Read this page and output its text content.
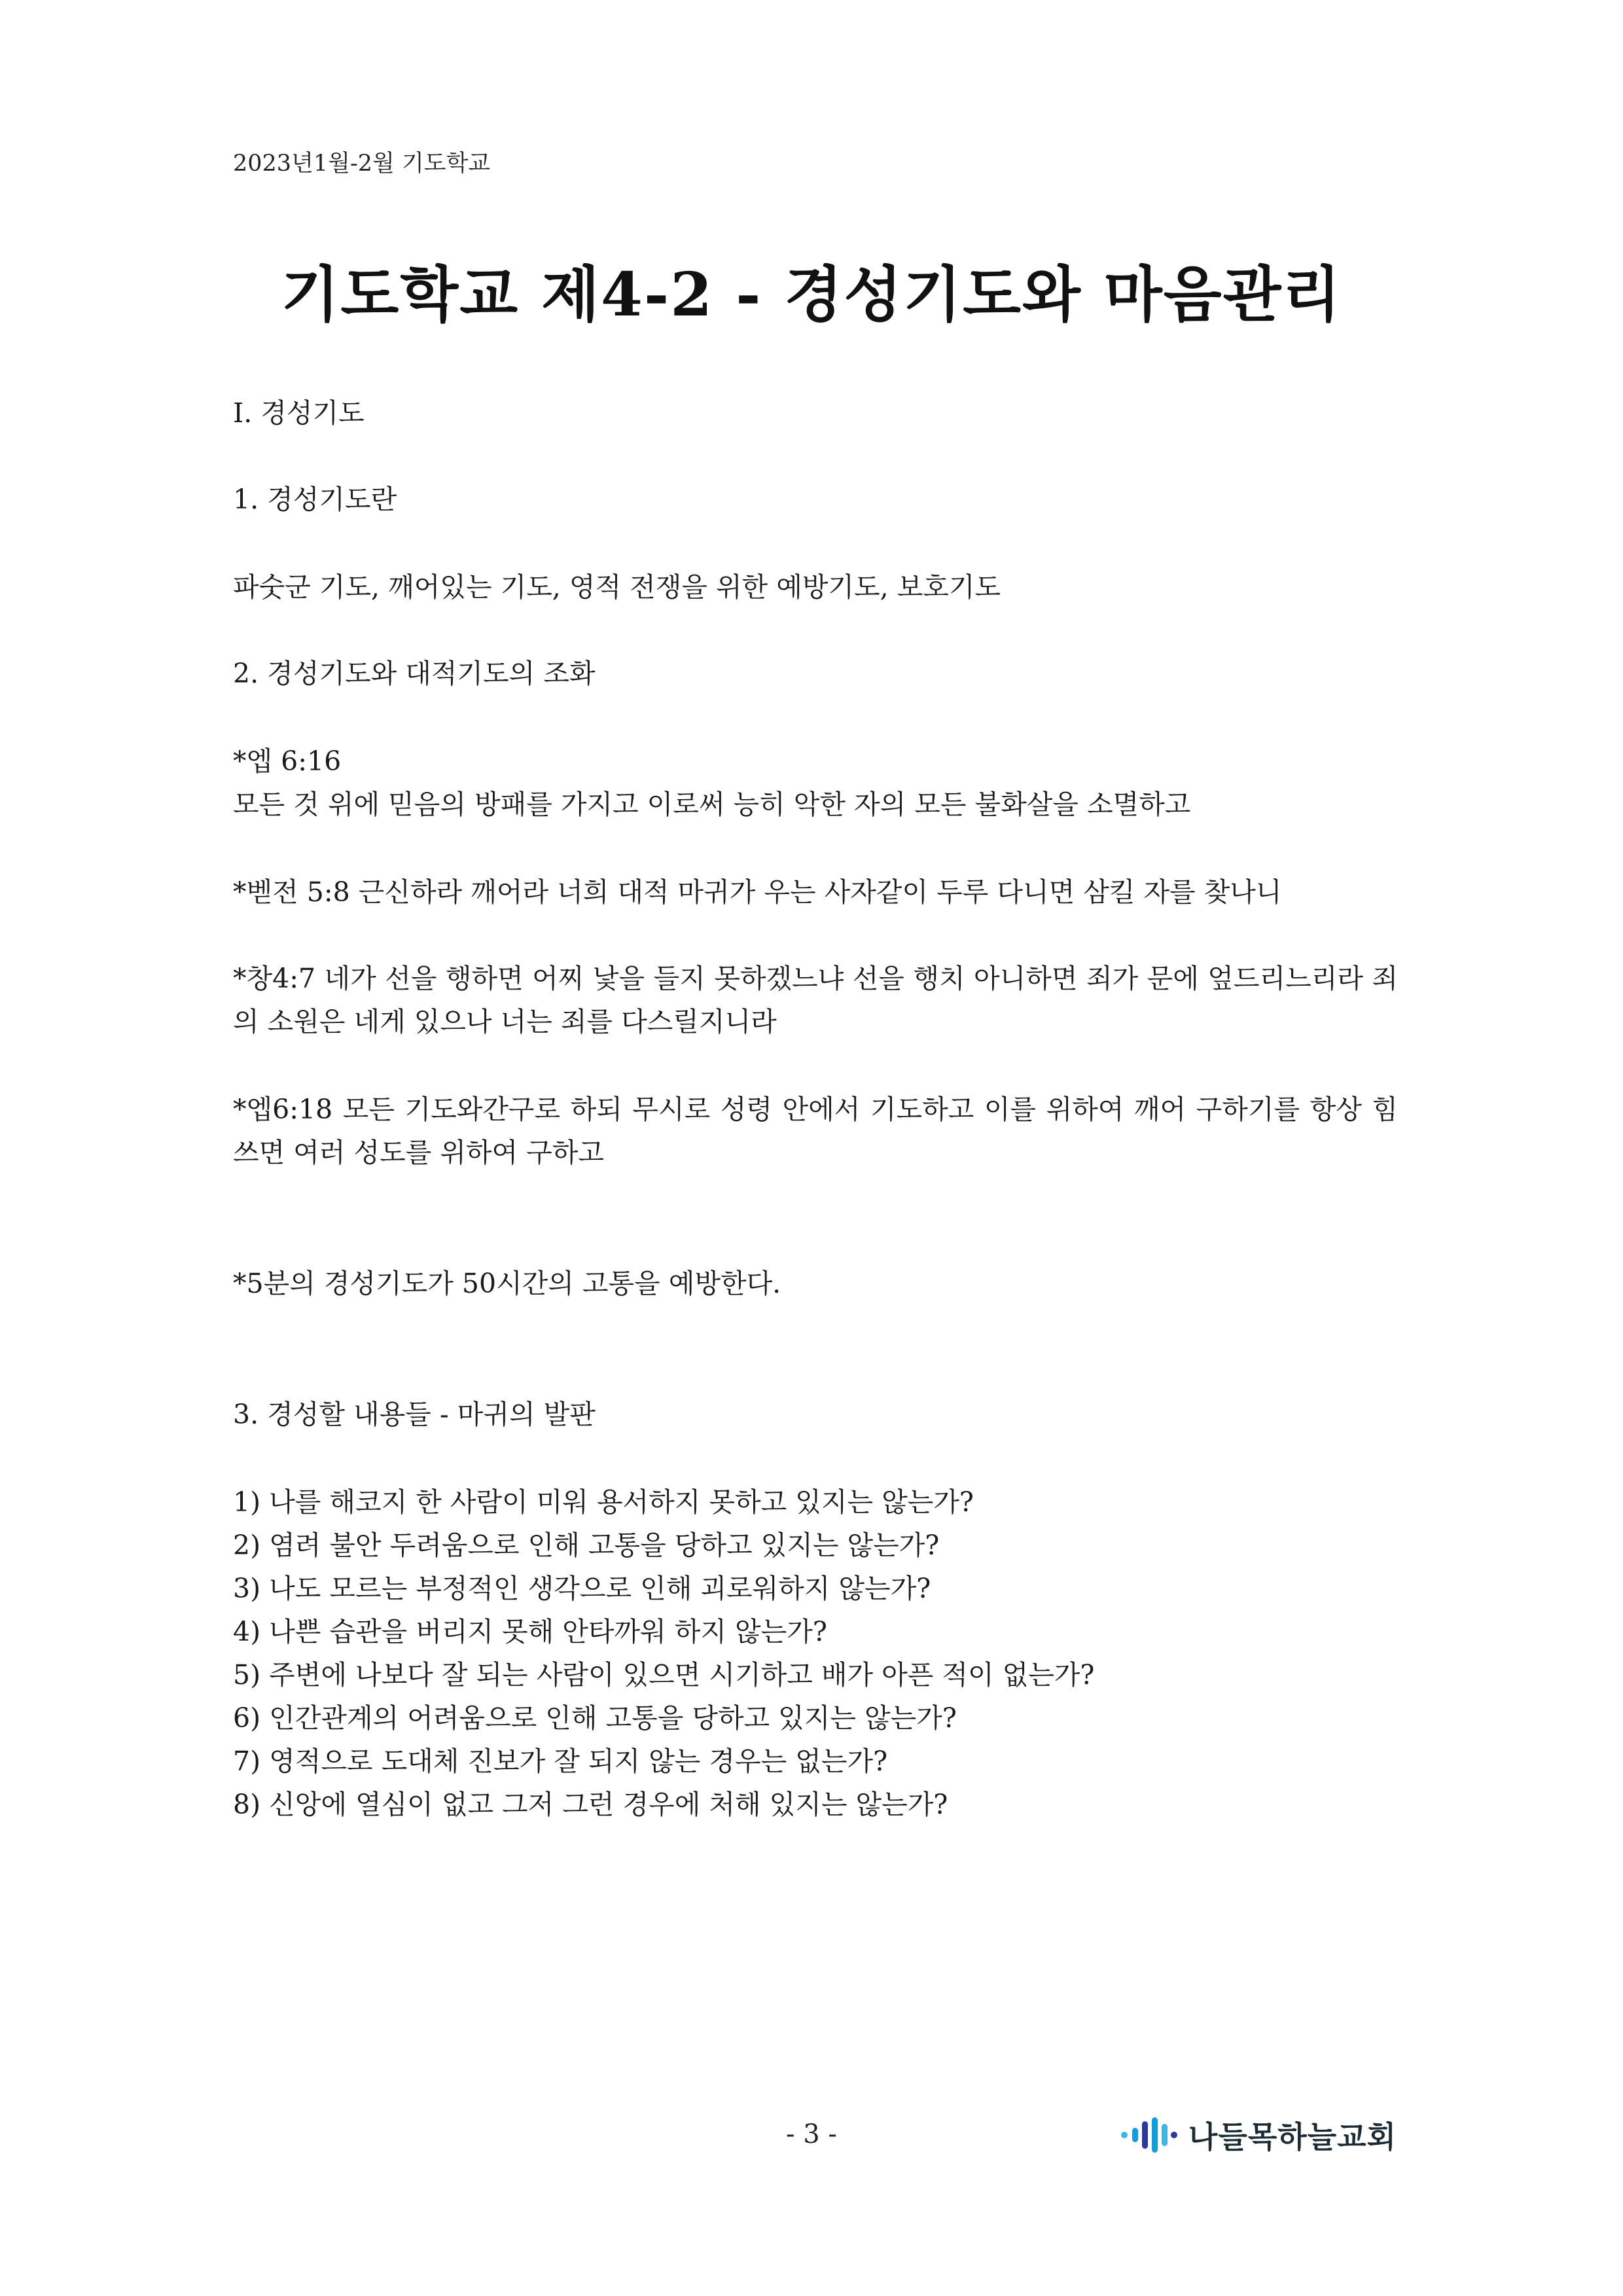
2023년1월-2월 기도학교
기도학교 제4-2 - 경성기도와 마음관리
I. 경성기도
1. 경성기도란
파숫군 기도, 깨어있는 기도, 영적 전쟁을 위한 예방기도, 보호기도
2. 경성기도와 대적기도의 조화
*엡 6:16
모든 것 위에 믿음의 방패를 가지고 이로써 능히 악한 자의 모든 불화살을 소멸하고
*벧전 5:8 근신하라 깨어라 너희 대적 마귀가 우는 사자같이 두루 다니면 삼킬 자를 찾나니
*창4:7 네가 선을 행하면 어찌 낯을 들지 못하겠느냐 선을 행치 아니하면 죄가 문에 엎드리느리라 죄의 소원은 네게 있으나 너는 죄를 다스릴지니라
*엡6:18 모든 기도와간구로 하되 무시로 성령 안에서 기도하고 이를 위하여 깨어 구하기를 항상 힘쓰면 여러 성도를 위하여 구하고
*5분의 경성기도가 50시간의 고통을 예방한다.
3. 경성할 내용들 - 마귀의 발판
1) 나를 해코지 한 사람이 미워 용서하지 못하고 있지는 않는가?
2) 염려 불안 두려움으로 인해 고통을 당하고 있지는 않는가?
3) 나도 모르는 부정적인 생각으로 인해 괴로워하지 않는가?
4) 나쁜 습관을 버리지 못해 안타까워 하지 않는가?
5) 주변에 나보다 잘 되는 사람이 있으면 시기하고 배가 아픈 적이 없는가?
6) 인간관계의 어려움으로 인해 고통을 당하고 있지는 않는가?
7) 영적으로 도대체 진보가 잘 되지 않는 경우는 없는가?
8) 신앙에 열심이 없고 그저 그런 경우에 처해 있지는 않는가?
- 3 -	나들목하늘교회
